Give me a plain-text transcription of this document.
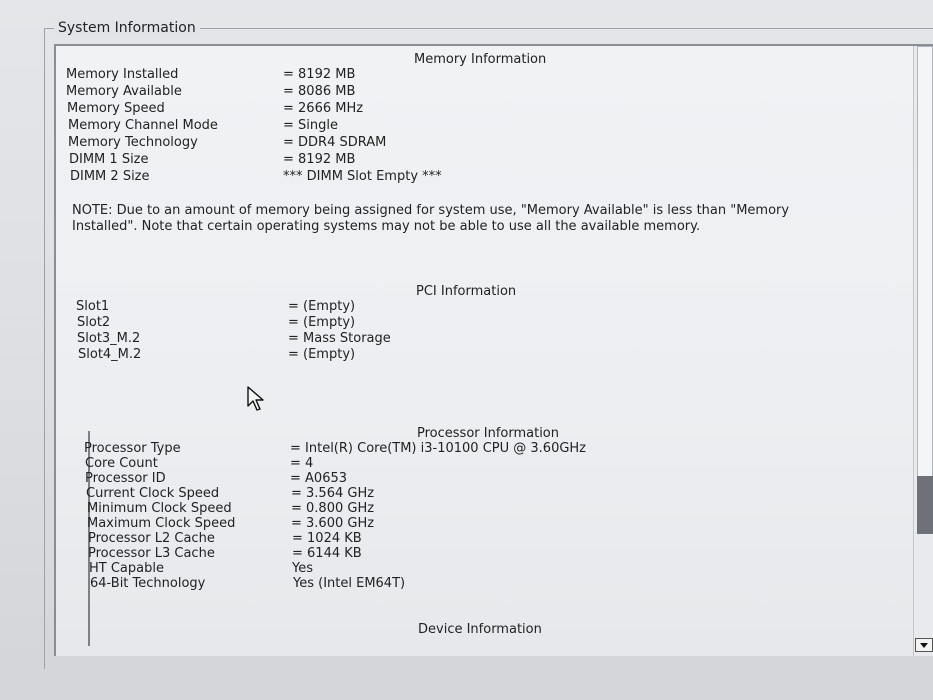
System Information
Memory Information
Memory Installed	= 8192 MB
Memory Available	= 8086 MB
Memory Speed	= 2666 MHz
Memory Channel Mode	= Single
Memory Technology	= DDR4 SDRAM
DIMM 1 Size	= 8192 MB
DIMM 2 Size	*** DIMM Slot Empty ***
NOTE: Due to an amount of memory being assigned for system use, "Memory Available" is less than "Memory Installed". Note that certain operating systems may not be able to use all the available memory.
PCI Information
Slot1	= (Empty)
Slot2	= (Empty)
Slot3_M.2	= Mass Storage
Slot4_M.2	= (Empty)
Processor Information
Processor Type	= Intel(R) Core(TM) i3-10100 CPU @ 3.60GHz
Core Count	= 4
Processor ID	= A0653
Current Clock Speed	= 3.564 GHz
Minimum Clock Speed	= 0.800 GHz
Maximum Clock Speed	= 3.600 GHz
Processor L2 Cache	= 1024 KB
Processor L3 Cache	= 6144 KB
HT Capable	Yes
64-Bit Technology	Yes (Intel EM64T)
Device Information
